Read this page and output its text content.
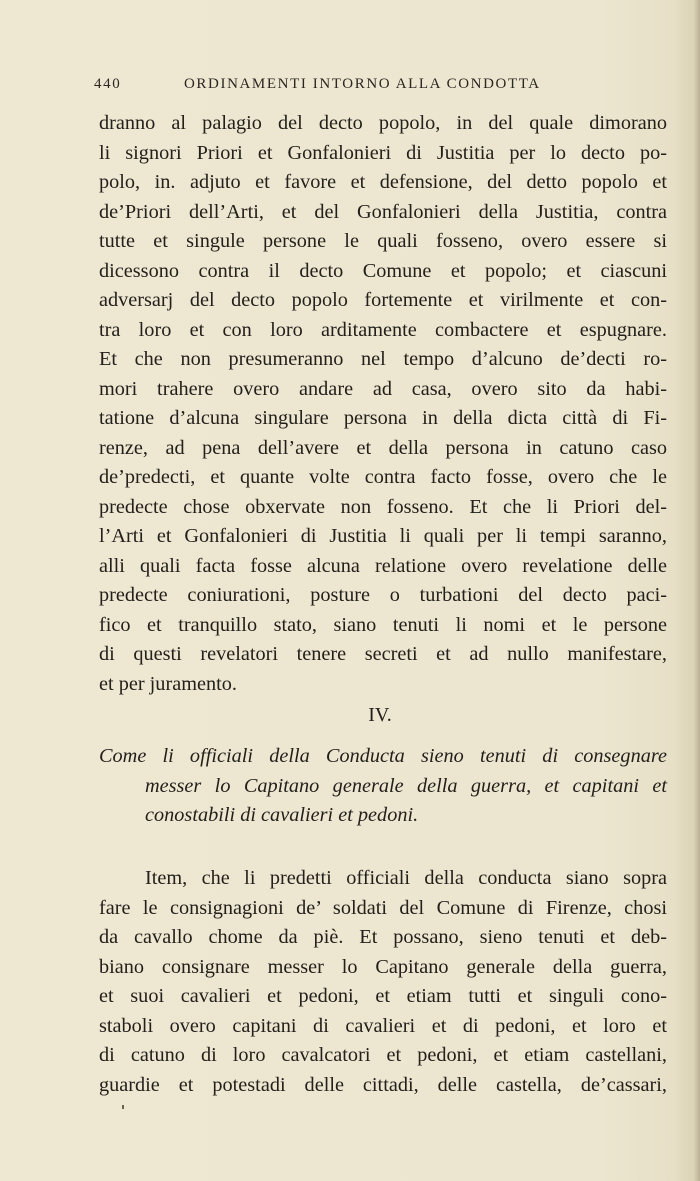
440	ORDINAMENTI INTORNO ALLA CONDOTTA
dranno al palagio del decto popolo, in del quale dimorano
li signori Priori et Gonfalonieri di Justitia per lo decto po-
polo, in. adjuto et favore et defensione, del detto popolo et
de’Priori dell’Arti, et del Gonfalonieri della Justitia, contra
tutte et singule persone le quali fosseno, overo essere si
dicessono contra il decto Comune et popolo; et ciascuni
adversarj del decto popolo fortemente et virilmente et con-
tra loro et con loro arditamente combactere et espugnare.
Et che non presumeranno nel tempo d’alcuno de’decti ro-
mori trahere overo andare ad casa, overo sito da habi-
tatione d’alcuna singulare persona in della dicta città di Fi-
renze, ad pena dell’avere et della persona in catuno caso
de’predecti, et quante volte contra facto fosse, overo che le
predecte chose obxervate non fosseno. Et che li Priori del-
l’Arti et Gonfalonieri di Justitia li quali per li tempi saranno,
alli quali facta fosse alcuna relatione overo revelatione delle
predecte coniurationi, posture o turbationi del decto paci-
fico et tranquillo stato, siano tenuti li nomi et le persone
di questi revelatori tenere secreti et ad nullo manifestare,
et per juramento.
IV.
Come li officiali della Conducta sieno tenuti di consegnare
messer lo Capitano generale della guerra, et capitani et
conostabili di cavalieri et pedoni.
Item, che li predetti officiali della conducta siano sopra
fare le consignagioni de’ soldati del Comune di Firenze, chosi
da cavallo chome da piè. Et possano, sieno tenuti et deb-
biano consignare messer lo Capitano generale della guerra,
et suoi cavalieri et pedoni, et etiam tutti et singuli cono-
staboli overo capitani di cavalieri et di pedoni, et loro et
di catuno di loro cavalcatori et pedoni, et etiam castellani,
guardie et potestadi delle cittadi, delle castella, de’cassari,
